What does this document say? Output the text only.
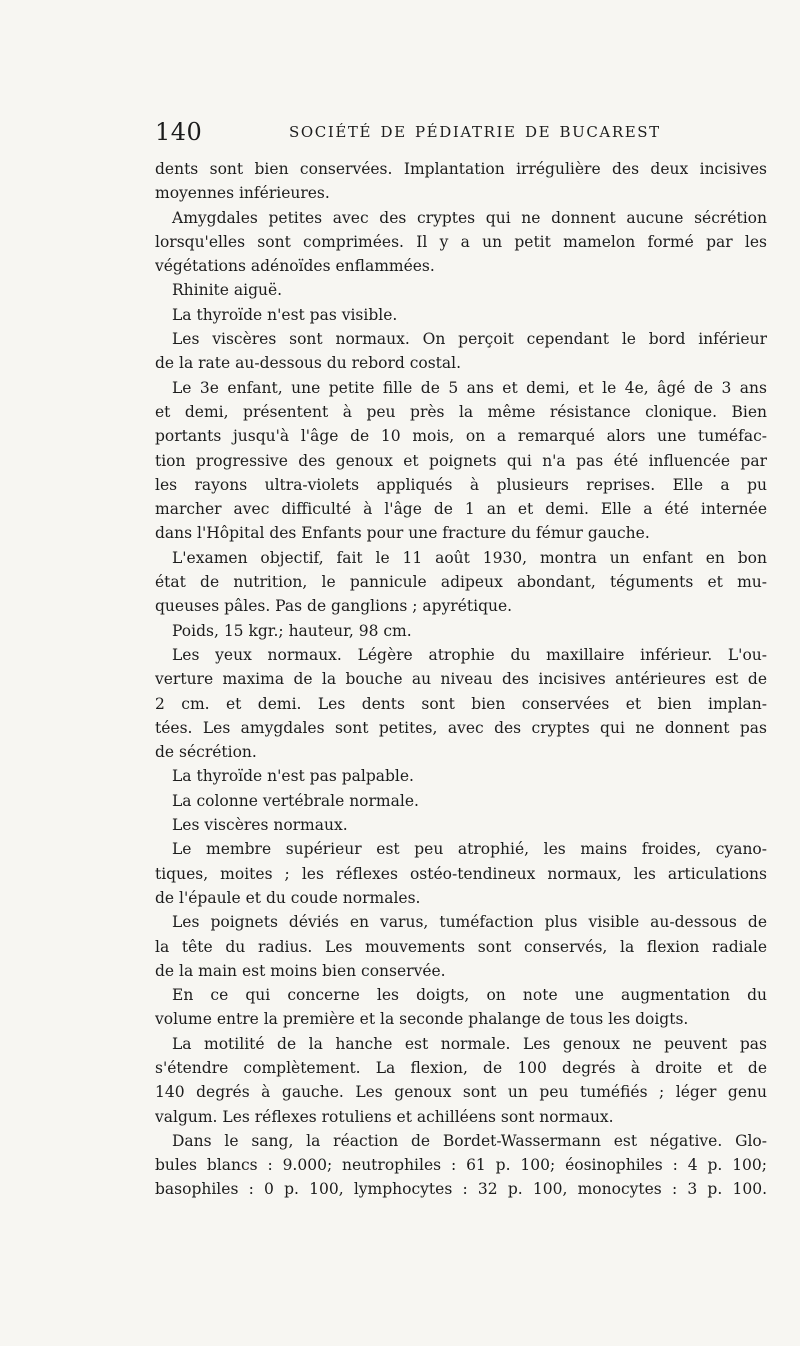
140	SOCIÉTÉ DE PÉDIATRIE DE BUCAREST
dents sont bien conservées. Implantation irrégulière des deux incisives
moyennes inférieures.
Amygdales petites avec des cryptes qui ne donnent aucune sécrétion
lorsqu'elles sont comprimées. Il y a un petit mamelon formé par les
végétations adénoïdes enflammées.
Rhinite aiguë.
La thyroïde n'est pas visible.
Les viscères sont normaux. On perçoit cependant le bord inférieur
de la rate au-dessous du rebord costal.
Le 3e enfant, une petite fille de 5 ans et demi, et le 4e, âgé de 3 ans
et demi, présentent à peu près la même résistance clonique. Bien
portants jusqu'à l'âge de 10 mois, on a remarqué alors une tuméfac-
tion progressive des genoux et poignets qui n'a pas été influencée par
les rayons ultra-violets appliqués à plusieurs reprises. Elle a pu
marcher avec difficulté à l'âge de 1 an et demi. Elle a été internée
dans l'Hôpital des Enfants pour une fracture du fémur gauche.
L'examen objectif, fait le 11 août 1930, montra un enfant en bon
état de nutrition, le pannicule adipeux abondant, téguments et mu-
queuses pâles. Pas de ganglions ; apyrétique.
Poids, 15 kgr.; hauteur, 98 cm.
Les yeux normaux. Légère atrophie du maxillaire inférieur. L'ou-
verture maxima de la bouche au niveau des incisives antérieures est de
2 cm. et demi. Les dents sont bien conservées et bien implan-
tées. Les amygdales sont petites, avec des cryptes qui ne donnent pas
de sécrétion.
La thyroïde n'est pas palpable.
La colonne vertébrale normale.
Les viscères normaux.
Le membre supérieur est peu atrophié, les mains froides, cyano-
tiques, moites ; les réflexes ostéo-tendineux normaux, les articulations
de l'épaule et du coude normales.
Les poignets déviés en varus, tuméfaction plus visible au-dessous de
la tête du radius. Les mouvements sont conservés, la flexion radiale
de la main est moins bien conservée.
En ce qui concerne les doigts, on note une augmentation du
volume entre la première et la seconde phalange de tous les doigts.
La motilité de la hanche est normale. Les genoux ne peuvent pas
s'étendre complètement. La flexion, de 100 degrés à droite et de
140 degrés à gauche. Les genoux sont un peu tuméfiés ; léger genu
valgum. Les réflexes rotuliens et achilléens sont normaux.
Dans le sang, la réaction de Bordet-Wassermann est négative. Glo-
bules blancs : 9.000; neutrophiles : 61 p. 100; éosinophiles : 4 p. 100;
basophiles : 0 p. 100, lymphocytes : 32 p. 100, monocytes : 3 p. 100.
